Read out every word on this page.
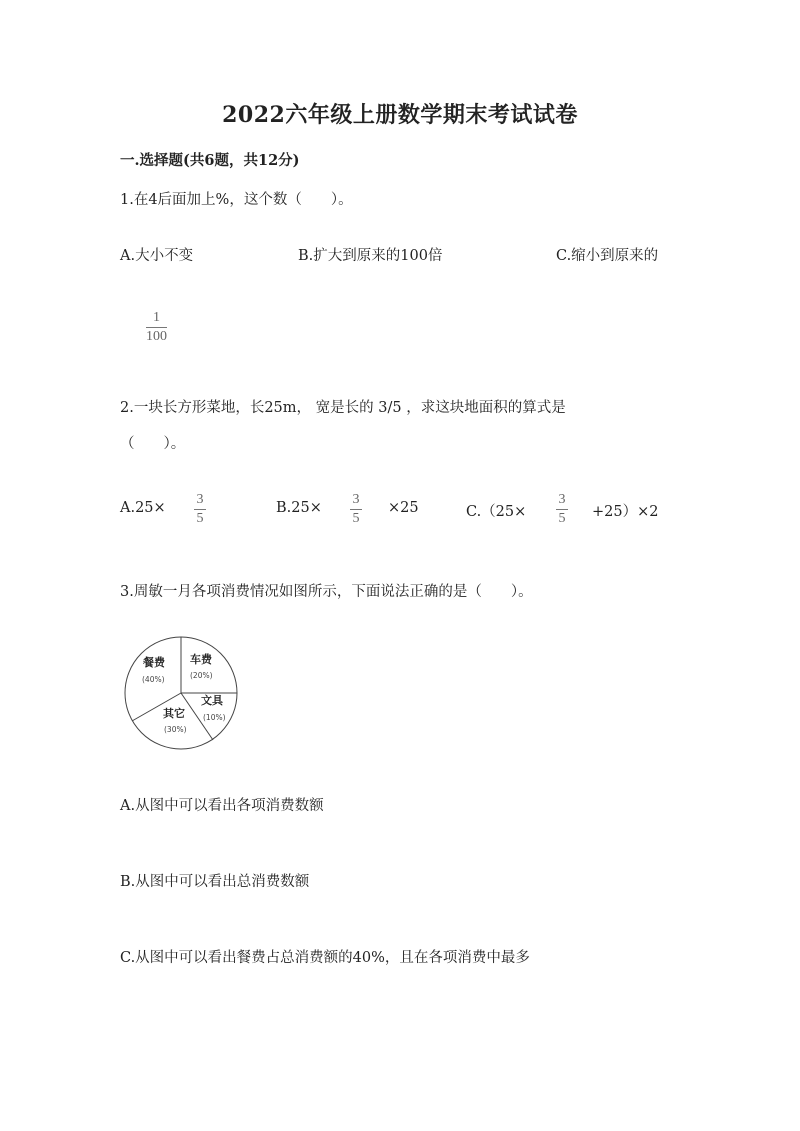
2022六年级上册数学期末考试试卷
一.选择题(共6题，共12分)
1.在4后面加上%，这个数（　　）。
A.大小不变	B.扩大到原来的100倍	C.缩小到原来的
1
100
2.一块长方形菜地，长25m， 宽是长的 3/5 ，求这块地面积的算式是
（　　）。
A.25×
3
5
B.25×
3
5
×25	C.（25×
3
5 +25）×2
3.周敏一月各项消费情况如图所示，下面说法正确的是（　　）。
餐费
(40%)
车费
(20%)
文具
(10%)
其它
(30%)
A.从图中可以看出各项消费数额
B.从图中可以看出总消费数额
C.从图中可以看出餐费占总消费额的40%，且在各项消费中最多
